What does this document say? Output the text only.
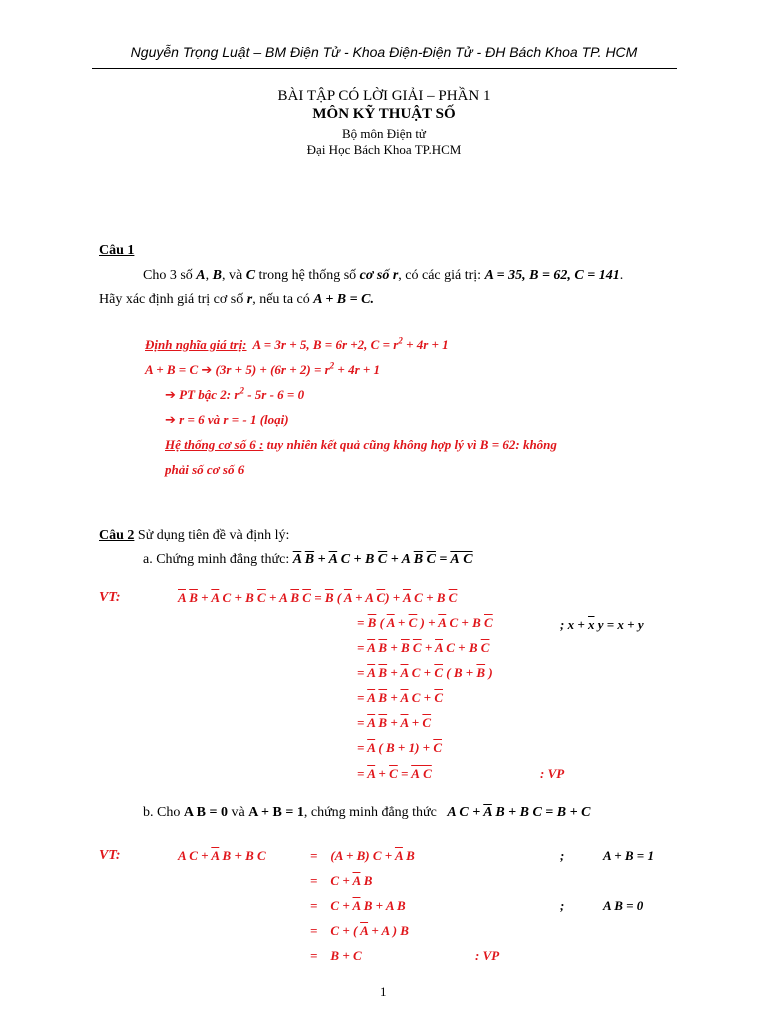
Nguyễn Trọng Luật – BM Điện Tử - Khoa Điện-Điện Tử - ĐH Bách Khoa TP. HCM
BÀI TẬP CÓ LỜI GIẢI – PHẦN 1
MÔN KỸ THUẬT SỐ
Bộ môn Điện tử
Đại Học Bách Khoa TP.HCM
Câu 1
Cho 3 số A, B, và C trong hệ thống số cơ số r, có các giá trị: A = 35, B = 62, C = 141.
Hãy xác định giá trị cơ số r, nếu ta có A + B = C.
Định nghĩa giá trị: A = 3r + 5, B = 6r +2, $C = r^2 + 4r + 1$
A + B = C ➔ $(3r + 5) + (6r + 2) = r^2 + 4r + 1$
➔ PT bậc 2: $r^2 - 5r - 6 = 0$
➔ r = 6 và r = - 1 (loại)
Hệ thống cơ số 6 : tuy nhiên kết quả cũng không hợp lý vì B = 62: không
phải số cơ số 6
Câu 2 Sử dụng tiên đề và định lý:
a. Chứng minh đẳng thức: $\overline{A}$ $\overline{B} + \overline{A}$ C + B $\overline{C} + A$ $\overline{B}$ $\overline{C} = A$ C
VT:	$\overline{A}$ $\overline{B} + \overline{A}$ C + B $\overline{C} + A$ $\overline{B}$ $\overline{C} = \overline{B}$ ( $\overline{A} + A$ $\overline{C}) + \overline{A}$ C + B $\overline{C}$
= $\overline{B}$ ( $\overline{A} + \overline{C}$ ) + $\overline{A}$ C + B $\overline{C}$	; $x + \overline{x}$ y = x + y
= $\overline{A}$ $\overline{B} + \overline{B}$ $\overline{C} + \overline{A}$ C + B $\overline{C}$
= $\overline{A}$ $\overline{B} + \overline{A}$ $C + \overline{C}$ ( $B + \overline{B}$ )
= $\overline{A}$ $\overline{B} + \overline{A}$ $C + \overline{C}$
= $\overline{A}$ $\overline{B} + \overline{A} + \overline{C}$
= $\overline{A}$ ( $B + 1) + \overline{C}$
= $\overline{A} + \overline{C} = A$ C	: VP
b. Cho A B = 0 và A + B = 1, chứng minh đẳng thức A $C + \overline{A}$ B + B C = B + C
VT:	A $C + \overline{A}$ B + B C	=    (A + B) $C + \overline{A}$ B	;	A + B = 1
=    $C + \overline{A}$ B
=    $C + \overline{A}$ B + A B	;	A B = 0
=    C + ( $\overline{A} + A$ ) B
=    B + C	: VP
1
